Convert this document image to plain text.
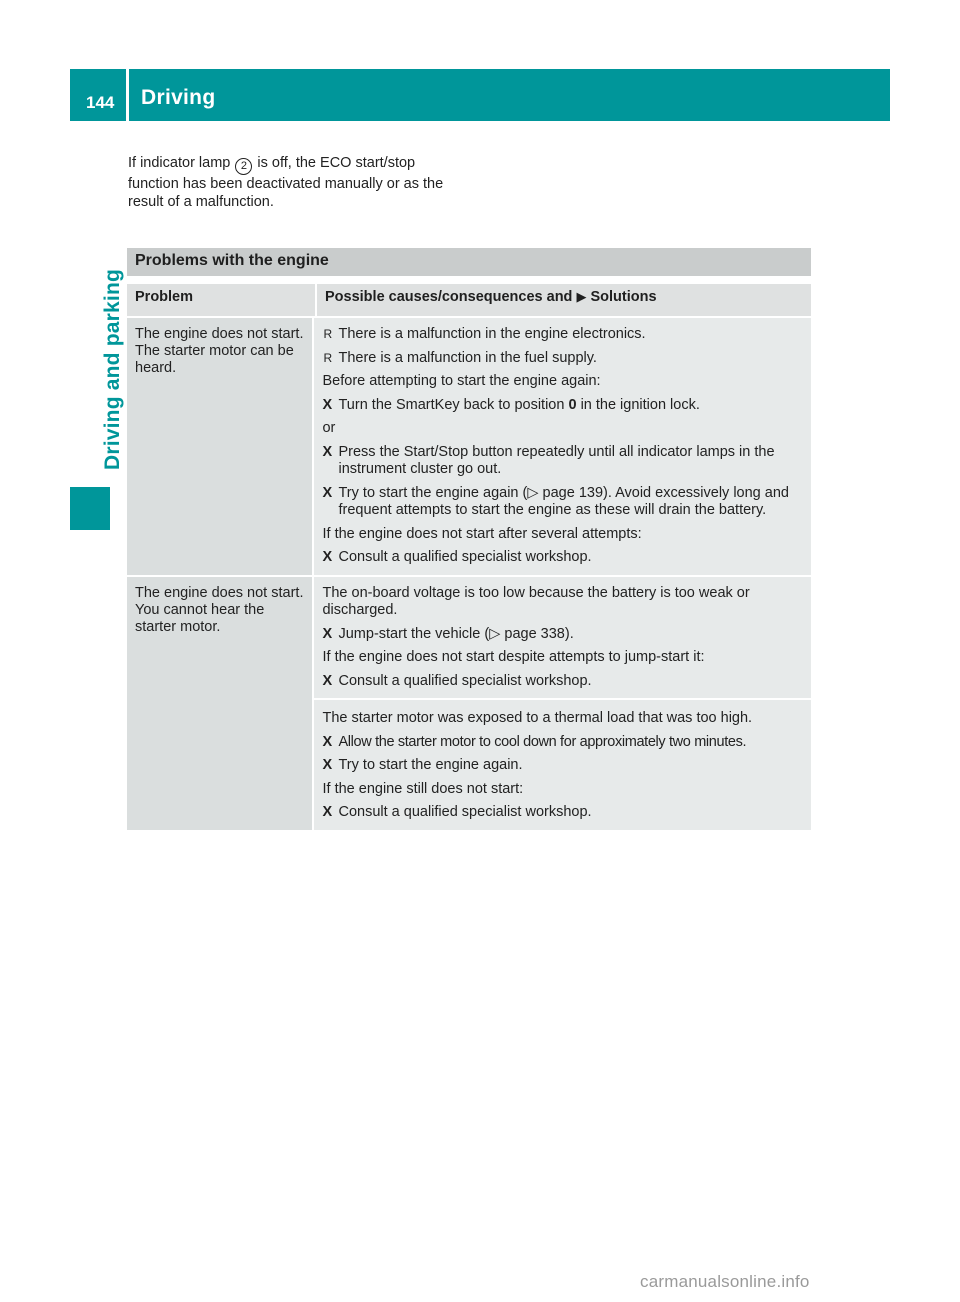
144 Driving
Driving and parking
If indicator lamp 2 is off, the ECO start/stop function has been deactivated manually or as the result of a malfunction.
Problems with the engine
Problem	Possible causes/consequences and ▶ Solutions
The engine does not start. The starter motor can be heard.
R There is a malfunction in the engine electronics.
R There is a malfunction in the fuel supply.
Before attempting to start the engine again:
X Turn the SmartKey back to position 0 in the ignition lock.
or
X Press the Start/Stop button repeatedly until all indicator lamps in the instrument cluster go out.
X Try to start the engine again (▷ page 139). Avoid excessively long and frequent attempts to start the engine as these will drain the battery.
If the engine does not start after several attempts:
X Consult a qualified specialist workshop.
The engine does not start. You cannot hear the starter motor.
The on-board voltage is too low because the battery is too weak or discharged.
X Jump-start the vehicle (▷ page 338).
If the engine does not start despite attempts to jump-start it:
X Consult a qualified specialist workshop.
The starter motor was exposed to a thermal load that was too high.
X Allow the starter motor to cool down for approximately two minutes.
X Try to start the engine again.
If the engine still does not start:
X Consult a qualified specialist workshop.
carmanualsonline.info
